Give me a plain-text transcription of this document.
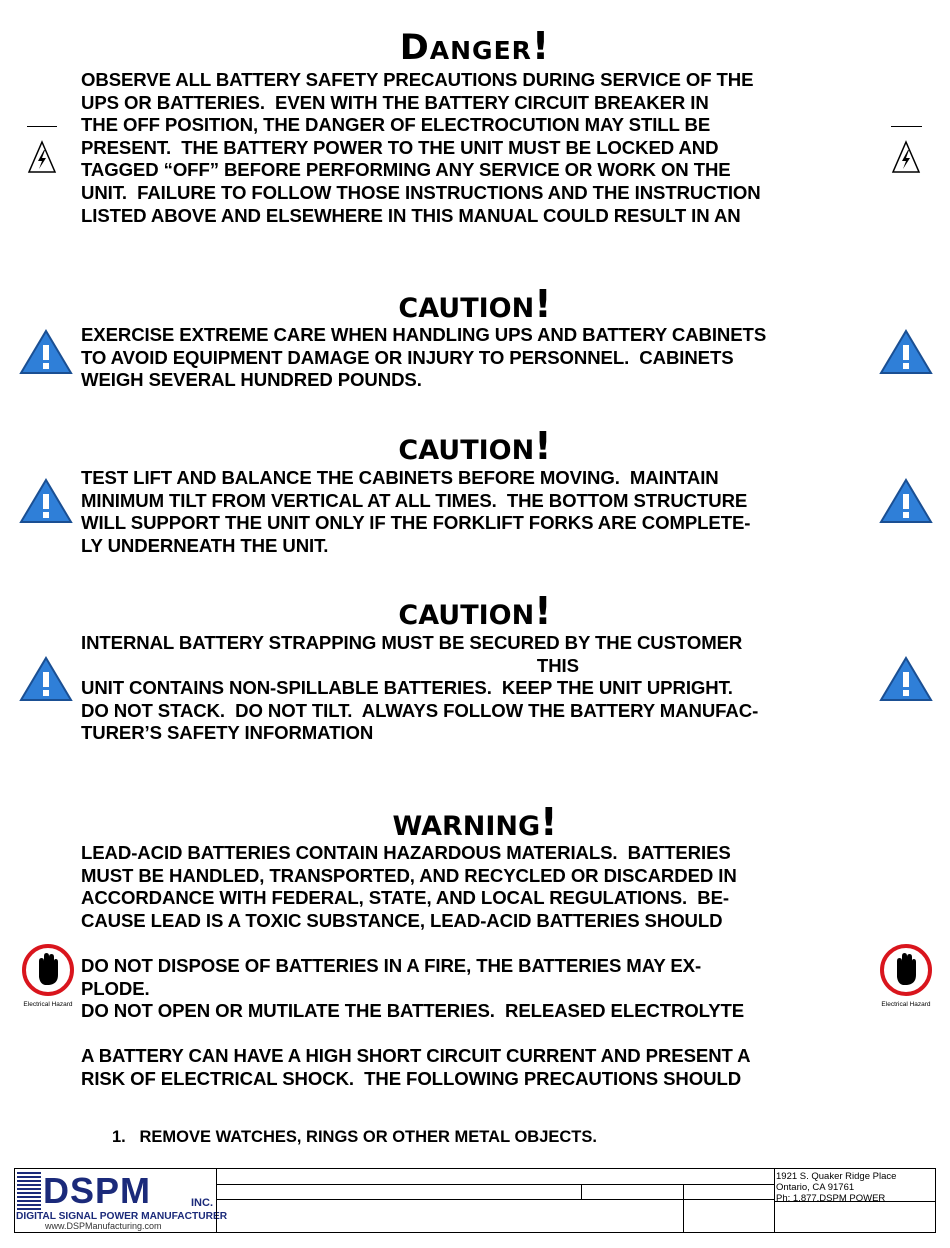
Danger!
OBSERVE ALL BATTERY SAFETY PRECAUTIONS DURING SERVICE OF THE
UPS OR BATTERIES.  EVEN WITH THE BATTERY CIRCUIT BREAKER IN
THE OFF POSITION, THE DANGER OF ELECTROCUTION MAY STILL BE
PRESENT.  THE BATTERY POWER TO THE UNIT MUST BE LOCKED AND
TAGGED “OFF” BEFORE PERFORMING ANY SERVICE OR WORK ON THE
UNIT.  FAILURE TO FOLLOW THOSE INSTRUCTIONS AND THE INSTRUCTION
LISTED ABOVE AND ELSEWHERE IN THIS MANUAL COULD RESULT IN AN
CAUTION!
EXERCISE EXTREME CARE WHEN HANDLING UPS AND BATTERY CABINETS
TO AVOID EQUIPMENT DAMAGE OR INJURY TO PERSONNEL.  CABINETS
WEIGH SEVERAL HUNDRED POUNDS.
CAUTION!
TEST LIFT AND BALANCE THE CABINETS BEFORE MOVING.  MAINTAIN
MINIMUM TILT FROM VERTICAL AT ALL TIMES.  THE BOTTOM STRUCTURE
WILL SUPPORT THE UNIT ONLY IF THE FORKLIFT FORKS ARE COMPLETE-
LY UNDERNEATH THE UNIT.
CAUTION!
INTERNAL BATTERY STRAPPING MUST BE SECURED BY THE CUSTOMER
THIS
UNIT CONTAINS NON-SPILLABLE BATTERIES.  KEEP THE UNIT UPRIGHT.
DO NOT STACK.  DO NOT TILT.  ALWAYS FOLLOW THE BATTERY MANUFAC-
TURER’S SAFETY INFORMATION
WARNING!
LEAD-ACID BATTERIES CONTAIN HAZARDOUS MATERIALS.  BATTERIES
MUST BE HANDLED, TRANSPORTED, AND RECYCLED OR DISCARDED IN
ACCORDANCE WITH FEDERAL, STATE, AND LOCAL REGULATIONS.  BE-
CAUSE LEAD IS A TOXIC SUBSTANCE, LEAD-ACID BATTERIES SHOULD

DO NOT DISPOSE OF BATTERIES IN A FIRE, THE BATTERIES MAY EX-
PLODE.
DO NOT OPEN OR MUTILATE THE BATTERIES.  RELEASED ELECTROLYTE

A BATTERY CAN HAVE A HIGH SHORT CIRCUIT CURRENT AND PRESENT A
RISK OF ELECTRICAL SHOCK.  THE FOLLOWING PRECAUTIONS SHOULD
Electrical Hazard	Electrical Hazard
1.   REMOVE WATCHES, RINGS OR OTHER METAL OBJECTS.
DSPM	INC.
DIGITAL SIGNAL POWER MANUFACTURER
www.DSPManufacturing.com
1921 S. Quaker Ridge Place
Ontario, CA 91761
Ph: 1.877.DSPM POWER
